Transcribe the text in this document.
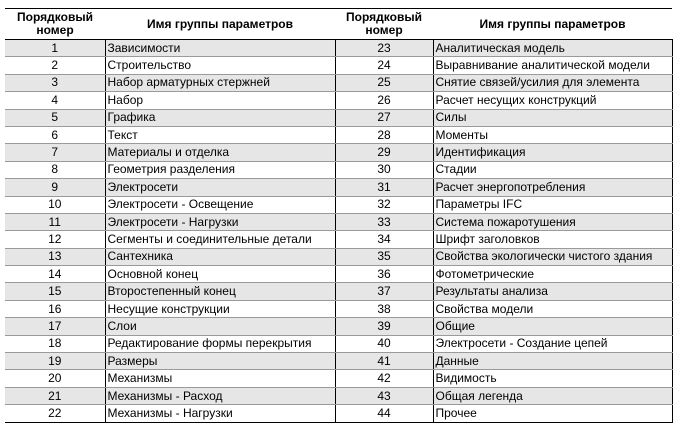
Порядковый номер	Имя группы параметров	Порядковый номер	Имя группы параметров
1	Зависимости	23	Аналитическая модель
2	Строительство	24	Выравнивание аналитической модели
3	Набор арматурных стержней	25	Снятие связей/усилия для элемента
4	Набор	26	Расчет несущих конструкций
5	Графика	27	Силы
6	Текст	28	Моменты
7	Материалы и отделка	29	Идентификация
8	Геометрия разделения	30	Стадии
9	Электросети	31	Расчет энергопотребления
10	Электросети - Освещение	32	Параметры IFC
11	Электросети - Нагрузки	33	Система пожаротушения
12	Сегменты и соединительные детали	34	Шрифт заголовков
13	Сантехника	35	Свойства экологически чистого здания
14	Основной конец	36	Фотометрические
15	Второстепенный конец	37	Результаты анализа
16	Несущие конструкции	38	Свойства модели
17	Слои	39	Общие
18	Редактирование формы перекрытия	40	Электросети - Создание цепей
19	Размеры	41	Данные
20	Механизмы	42	Видимость
21	Механизмы - Расход	43	Общая легенда
22	Механизмы - Нагрузки	44	Прочее
